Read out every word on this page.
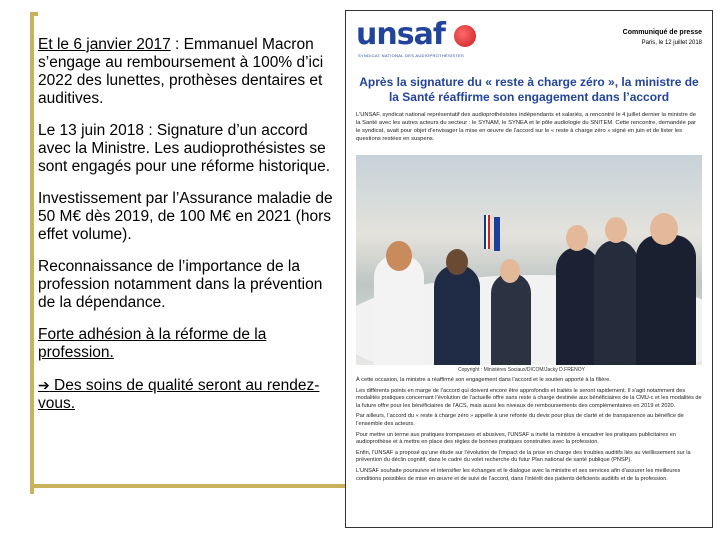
Et le 6 janvier 2017 : Emmanuel Macron s’engage au remboursement à 100% d’ici 2022 des lunettes, prothèses dentaires et auditives.

Le 13 juin 2018 : Signature d’un accord avec la Ministre. Les audioprothésistes se sont engagés pour une réforme historique.

Investissement par l’Assurance maladie de 50 M€ dès 2019, de 100 M€ en 2021 (hors effet volume).

Reconnaissance de l’importance de la profession notamment dans la prévention de la dépendance.

Forte adhésion à la réforme de la profession.

➔ Des soins de qualité seront au rendez-vous.

unsaf
SYNDICAT NATIONAL DES AUDIOPROTHÉSISTES
Communiqué de presse
Paris, le 12 juillet 2018
Après la signature du « reste à charge zéro », la ministre de la Santé réaffirme son engagement dans l’accord
L’UNSAF, syndicat national représentatif des audioprothésistes indépendants et salariés, a rencontré le 4 juillet dernier la ministre de la Santé avec les autres acteurs du secteur : le SYNAM, le SYNEA et le pôle audiologie du SNITEM. Cette rencontre, demandée par le syndicat, avait pour objet d’envisager la mise en œuvre de l’accord sur le « reste à charge zéro » signé en juin et de lister les questions restées en suspens.
Copyright : Ministères Sociaux/DICOM/Jacky D.FRENOY

À cette occasion, la ministre a réaffirmé son engagement dans l’accord et le soutien apporté à la filière.

Les différents points en marge de l’accord qui doivent encore être approfondis et traités le seront rapidement. Il s’agit notamment des modalités pratiques concernant l’évolution de l’actuelle offre sans reste à charge destinée aux bénéficiaires de la CMU-c et les modalités de la future offre pour les bénéficiaires de l’ACS, mais aussi les niveaux de remboursements des complémentaires en 2019 et 2020.

Par ailleurs, l’accord du « reste à charge zéro » appelle à une refonte du devis pour plus de clarté et de transparence au bénéfice de l’ensemble des acteurs.

Pour mettre un terme aux pratiques trompeuses et abusives, l’UNSAF a invité la ministre à encadrer les pratiques publicitaires en audioprothèse et à mettre en place des règles de bonnes pratiques construites avec la profession.

Enfin, l’UNSAF a proposé qu’une étude sur l’évolution de l’impact de la prise en charge des troubles auditifs liés au vieillissement sur la prévention du déclin cognitif, dans le cadre du volet recherche du futur Plan national de santé publique (PNSP).

L’UNSAF souhaite poursuivre et intensifier les échanges et le dialogue avec la ministre et ses services afin d’assurer les meilleures conditions possibles de mise en œuvre et de suivi de l’accord, dans l’intérêt des patients déficients auditifs et de la profession.
